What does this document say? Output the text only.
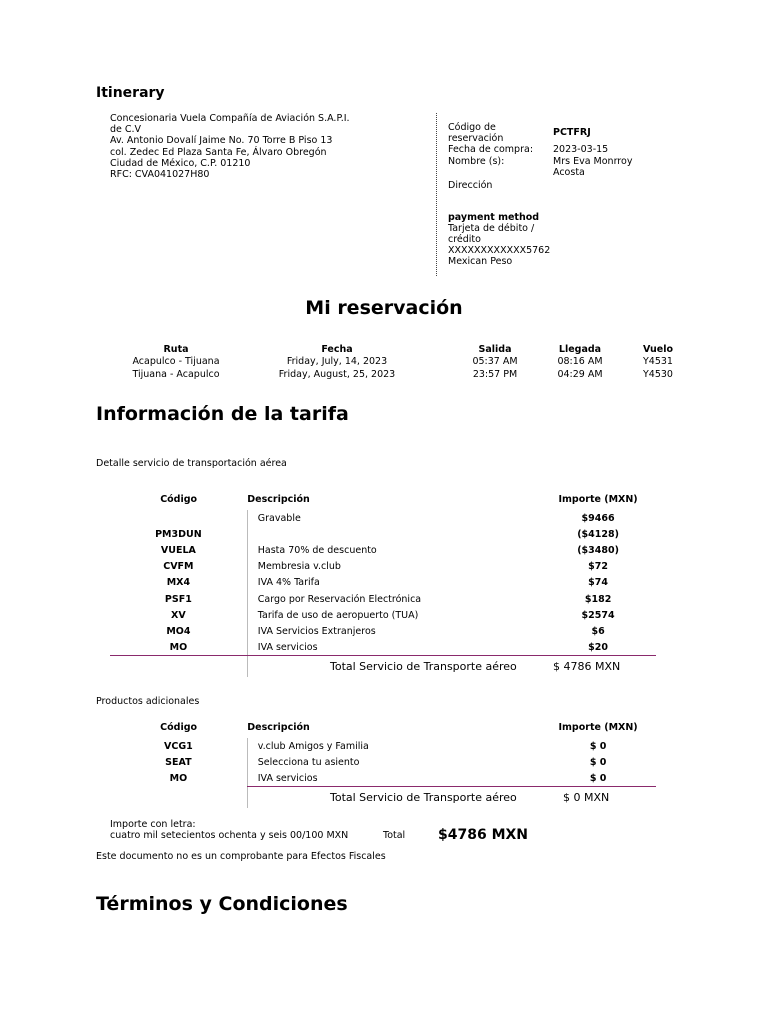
Itinerary
Concesionaria Vuela Compañía de Aviación S.A.P.I.
de C.V
Av. Antonio Dovalí Jaime No. 70 Torre B Piso 13
col. Zedec Ed Plaza Santa Fe, Álvaro Obregón
Ciudad de México, C.P. 01210
RFC: CVA041027H80
Código de
reservación
PCTFRJ
Fecha de compra:	2023-03-15
Nombre (s):	Mrs Eva Monrroy
Acosta
Dirección
payment method
Tarjeta de débito /
crédito
XXXXXXXXXXXX5762
Mexican Peso
Mi reservación
Ruta	Fecha	Salida	Llegada	Vuelo
Acapulco - Tijuana	Friday, July, 14, 2023	05:37 AM	08:16 AM	Y4531
Tijuana - Acapulco	Friday, August, 25, 2023	23:57 PM	04:29 AM	Y4530
Información de la tarifa
Detalle servicio de transportación aérea
Código	Descripción	Importe (MXN)
	Gravable	$9466
PM3DUN		($4128)
VUELA	Hasta 70% de descuento	($3480)
CVFM	Membresia v.club	$72
MX4	IVA 4% Tarifa	$74
PSF1	Cargo por Reservación Electrónica	$182
XV	Tarifa de uso de aeropuerto (TUA)	$2574
MO4	IVA Servicios Extranjeros	$6
MO	IVA servicios	$20
Total Servicio de Transporte aéreo	$ 4786 MXN
Productos adicionales
Código	Descripción	Importe (MXN)
VCG1	v.club Amigos y Familia	$ 0
SEAT	Selecciona tu asiento	$ 0
MO	IVA servicios	$ 0
Total Servicio de Transporte aéreo	$ 0 MXN
Importe con letra:
cuatro mil setecientos ochenta y seis 00/100 MXN	Total $4786 MXN
Este documento no es un comprobante para Efectos Fiscales
Términos y Condiciones
